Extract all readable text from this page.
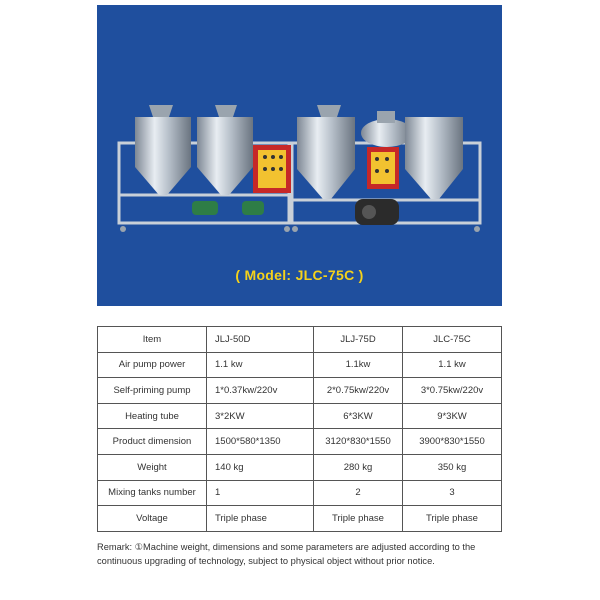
( Model: JLC-75C )
Item	JLJ-50D	JLJ-75D	JLC-75C
Air pump power	1.1 kw	1.1kw	1.1 kw
Self-priming pump	1*0.37kw/220v	2*0.75kw/220v	3*0.75kw/220v
Heating tube	3*2KW	6*3KW	9*3KW
Product dimension	1500*580*1350	3120*830*1550	3900*830*1550
Weight	140 kg	280 kg	350 kg
Mixing tanks number	1	2	3
Voltage	Triple phase	Triple phase	Triple phase
Remark: ①Machine weight, dimensions and some parameters are adjusted according to the continuous upgrading of technology, subject to physical object without prior notice.
